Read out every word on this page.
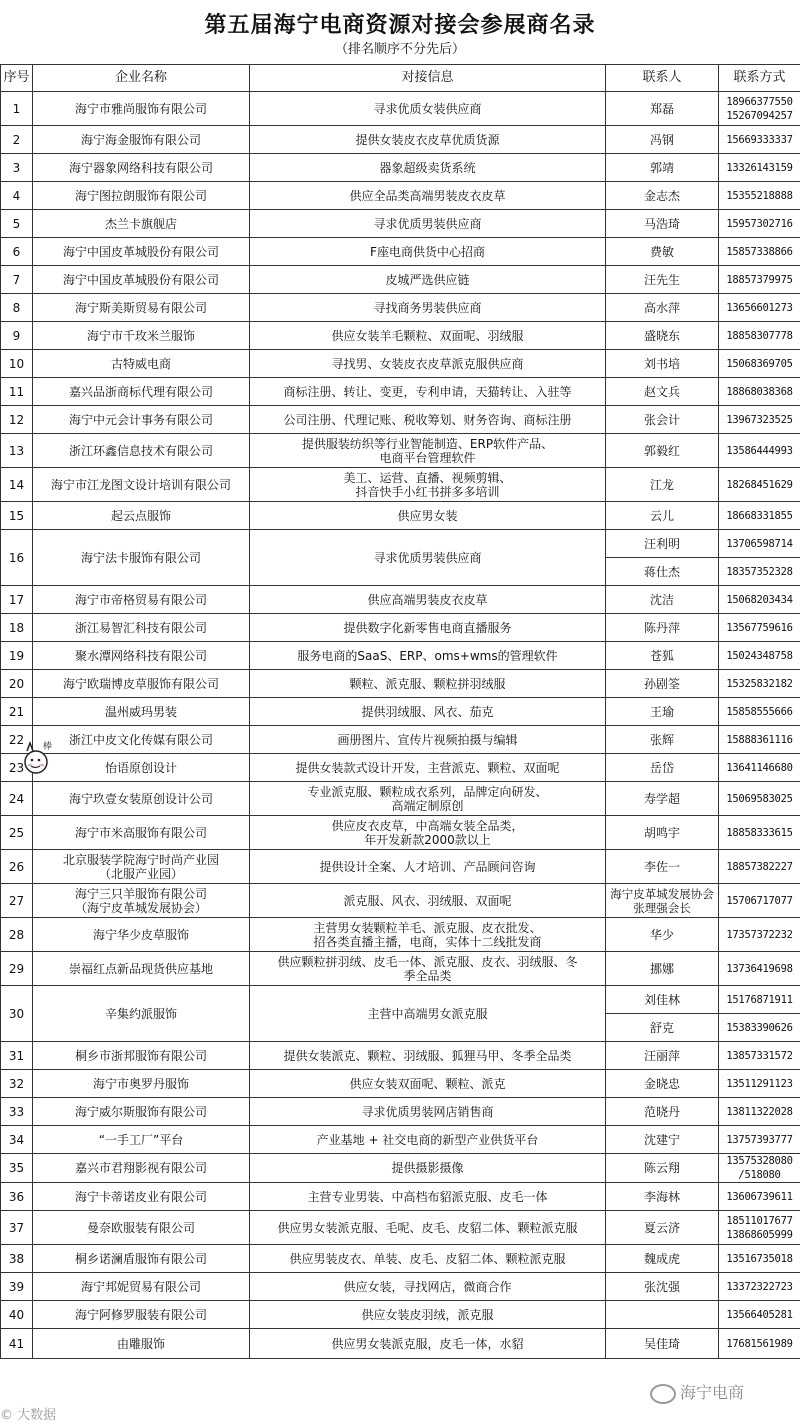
第五届海宁电商资源对接会参展商名录
（排名顺序不分先后）
序号	企业名称	对接信息	联系人	联系方式
1	海宁市雅尚服饰有限公司	寻求优质女装供应商	郑磊	18966377550
15267094257

2	海宁海金服饰有限公司	提供女装皮衣皮草优质货源	冯钢	15669333337

3	海宁器象网络科技有限公司	器象超级卖货系统	郭靖	13326143159

4	海宁图拉朗服饰有限公司	供应全品类高端男装皮衣皮草	金志杰	15355218888

5	杰兰卡旗舰店	寻求优质男装供应商	马浩琦	15957302716

6	海宁中国皮革城股份有限公司	F座电商供货中心招商	费敏	15857338866

7	海宁中国皮革城股份有限公司	皮城严选供应链	汪先生	18857379975

8	海宁斯美斯贸易有限公司	寻找商务男装供应商	高水萍	13656601273

9	海宁市千玫米兰服饰	供应女装羊毛颗粒、双面呢、羽绒服	盛晓东	18858307778

10	古特威电商	寻找男、女装皮衣皮草派克服供应商	刘书培	15068369705

11	嘉兴品浙商标代理有限公司	商标注册、转让、变更，专利申请，天猫转让、入驻等	赵文兵	18868038368

12	海宁中元会计事务有限公司	公司注册、代理记账、税收筹划、财务咨询、商标注册	张会计	13967323525

13	浙江环鑫信息技术有限公司	提供服装纺织等行业智能制造、ERP软件产品、
电商平台管理软件	郭毅红	13586444993

14	海宁市江龙图文设计培训有限公司	美工、运营、直播、视频剪辑、
抖音快手小红书拼多多培训	江龙	18268451629

15	起云点服饰	供应男女装	云儿	18668331855

16	海宁法卡服饰有限公司	寻求优质男装供应商	汪利明	13706598714

			蒋仕杰	18357352328

17	海宁市帝格贸易有限公司	供应高端男装皮衣皮草	沈洁	15068203434

18	浙江易智汇科技有限公司	提供数字化新零售电商直播服务	陈丹萍	13567759616

19	聚水潭网络科技有限公司	服务电商的SaaS、ERP、oms+wms的管理软件	苍狐	15024348758

20	海宁欧瑞博皮草服饰有限公司	颗粒、派克服、颗粒拼羽绒服	孙剧筌	15325832182

21	温州威玛男装	提供羽绒服、风衣、茄克	王瑜	15858555666

22	浙江中皮文化传媒有限公司	画册图片、宣传片视频拍摄与编辑	张辉	15888361116

23	怡语原创设计	提供女装款式设计开发，主营派克、颗粒、双面呢	岳岱	13641146680

24	海宁玖壹女装原创设计公司	专业派克服、颗粒成衣系列，品牌定向研发、
高端定制原创	寿学超	15069583025

25	海宁市米高服饰有限公司	供应皮衣皮草，中高端女装全品类，
年开发新款2000款以上	胡鸣宇	18858333615

26	北京服装学院海宁时尚产业园
（北服产业园）	提供设计全案、人才培训、产品顾问咨询	李佐一	18857382227

27	海宁三只羊服饰有限公司
（海宁皮革城发展协会）	派克服、风衣、羽绒服、双面呢	海宁皮革城发展协会张理强会长	15706717077

28	海宁华少皮草服饰	主营男女装颗粒羊毛、派克服、皮衣批发、
招各类直播主播，电商，实体十二线批发商	华少	17357372232

29	崇福红点新品现货供应基地	供应颗粒拼羽绒、皮毛一体、派克服、皮衣、羽绒服、冬
季全品类	挪娜	13736419698

30	辛集约派服饰	主营中高端男女派克服	刘佳林	15176871911

			舒克	15383390626

31	桐乡市浙邦服饰有限公司	提供女装派克、颗粒、羽绒服、狐狸马甲、冬季全品类	汪丽萍	13857331572

32	海宁市奥罗丹服饰	供应女装双面呢、颗粒、派克	金晓忠	13511291123

33	海宁威尔斯服饰有限公司	寻求优质男装网店销售商	范晓丹	13811322028

34	“一手工厂”平台	产业基地 + 社交电商的新型产业供货平台	沈建宁	13757393777

35	嘉兴市君翔影视有限公司	提供摄影摄像	陈云翔	13575328080
/518080

36	海宁卡蒂诺皮业有限公司	主营专业男装、中高档布貂派克服、皮毛一体	李海林	13606739611

37	曼奈欧服装有限公司	供应男女装派克服、毛呢、皮毛、皮貂二体、颗粒派克服	夏云济	18511017677
13868605999

38	桐乡诺澜盾服饰有限公司	供应男装皮衣、单装、皮毛、皮貂二体、颗粒派克服	魏成虎	13516735018

39	海宁邦妮贸易有限公司	供应女装，寻找网店，微商合作	张沈强	13372322723

40	海宁阿修罗服装有限公司	供应女装皮羽绒，派克服		13566405281

41	由雕服饰	供应男女装派克服，皮毛一体，水貂	吴佳琦	17681561989
棒
© 大数据
海宁电商
